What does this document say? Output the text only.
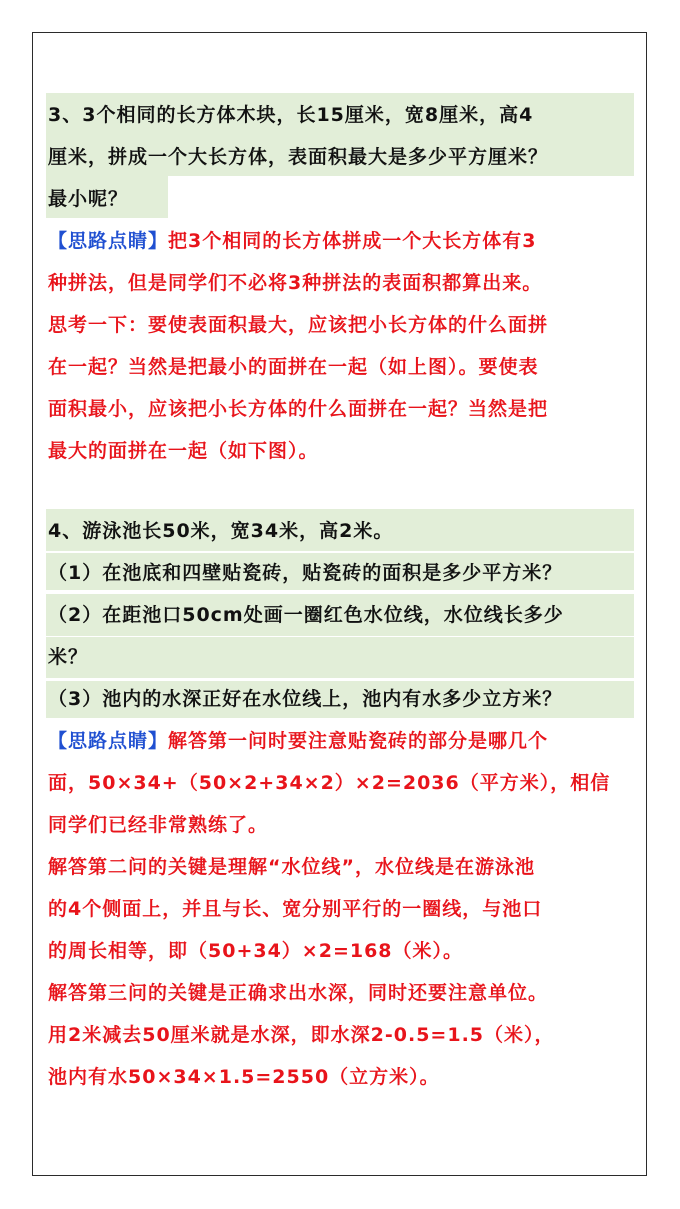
3、3个相同的长方体木块，长15厘米，宽8厘米，高4
厘米，拼成一个大长方体，表面积最大是多少平方厘米？
最小呢？
【思路点睛】把3个相同的长方体拼成一个大长方体有3
种拼法，但是同学们不必将3种拼法的表面积都算出来。
思考一下：要使表面积最大，应该把小长方体的什么面拼
在一起？当然是把最小的面拼在一起（如上图）。要使表
面积最小，应该把小长方体的什么面拼在一起？当然是把
最大的面拼在一起（如下图）。
4、游泳池长50米，宽34米，高2米。
（1）在池底和四壁贴瓷砖，贴瓷砖的面积是多少平方米？
（2）在距池口50cm处画一圈红色水位线，水位线长多少
米？
（3）池内的水深正好在水位线上，池内有水多少立方米？
【思路点睛】解答第一问时要注意贴瓷砖的部分是哪几个
面，50×34+（50×2+34×2）×2=2036（平方米），相信
同学们已经非常熟练了。
解答第二问的关键是理解“水位线”，水位线是在游泳池
的4个侧面上，并且与长、宽分别平行的一圈线，与池口
的周长相等，即（50+34）×2=168（米）。
解答第三问的关键是正确求出水深，同时还要注意单位。
用2米减去50厘米就是水深，即水深2-0.5=1.5（米），
池内有水50×34×1.5=2550（立方米）。
